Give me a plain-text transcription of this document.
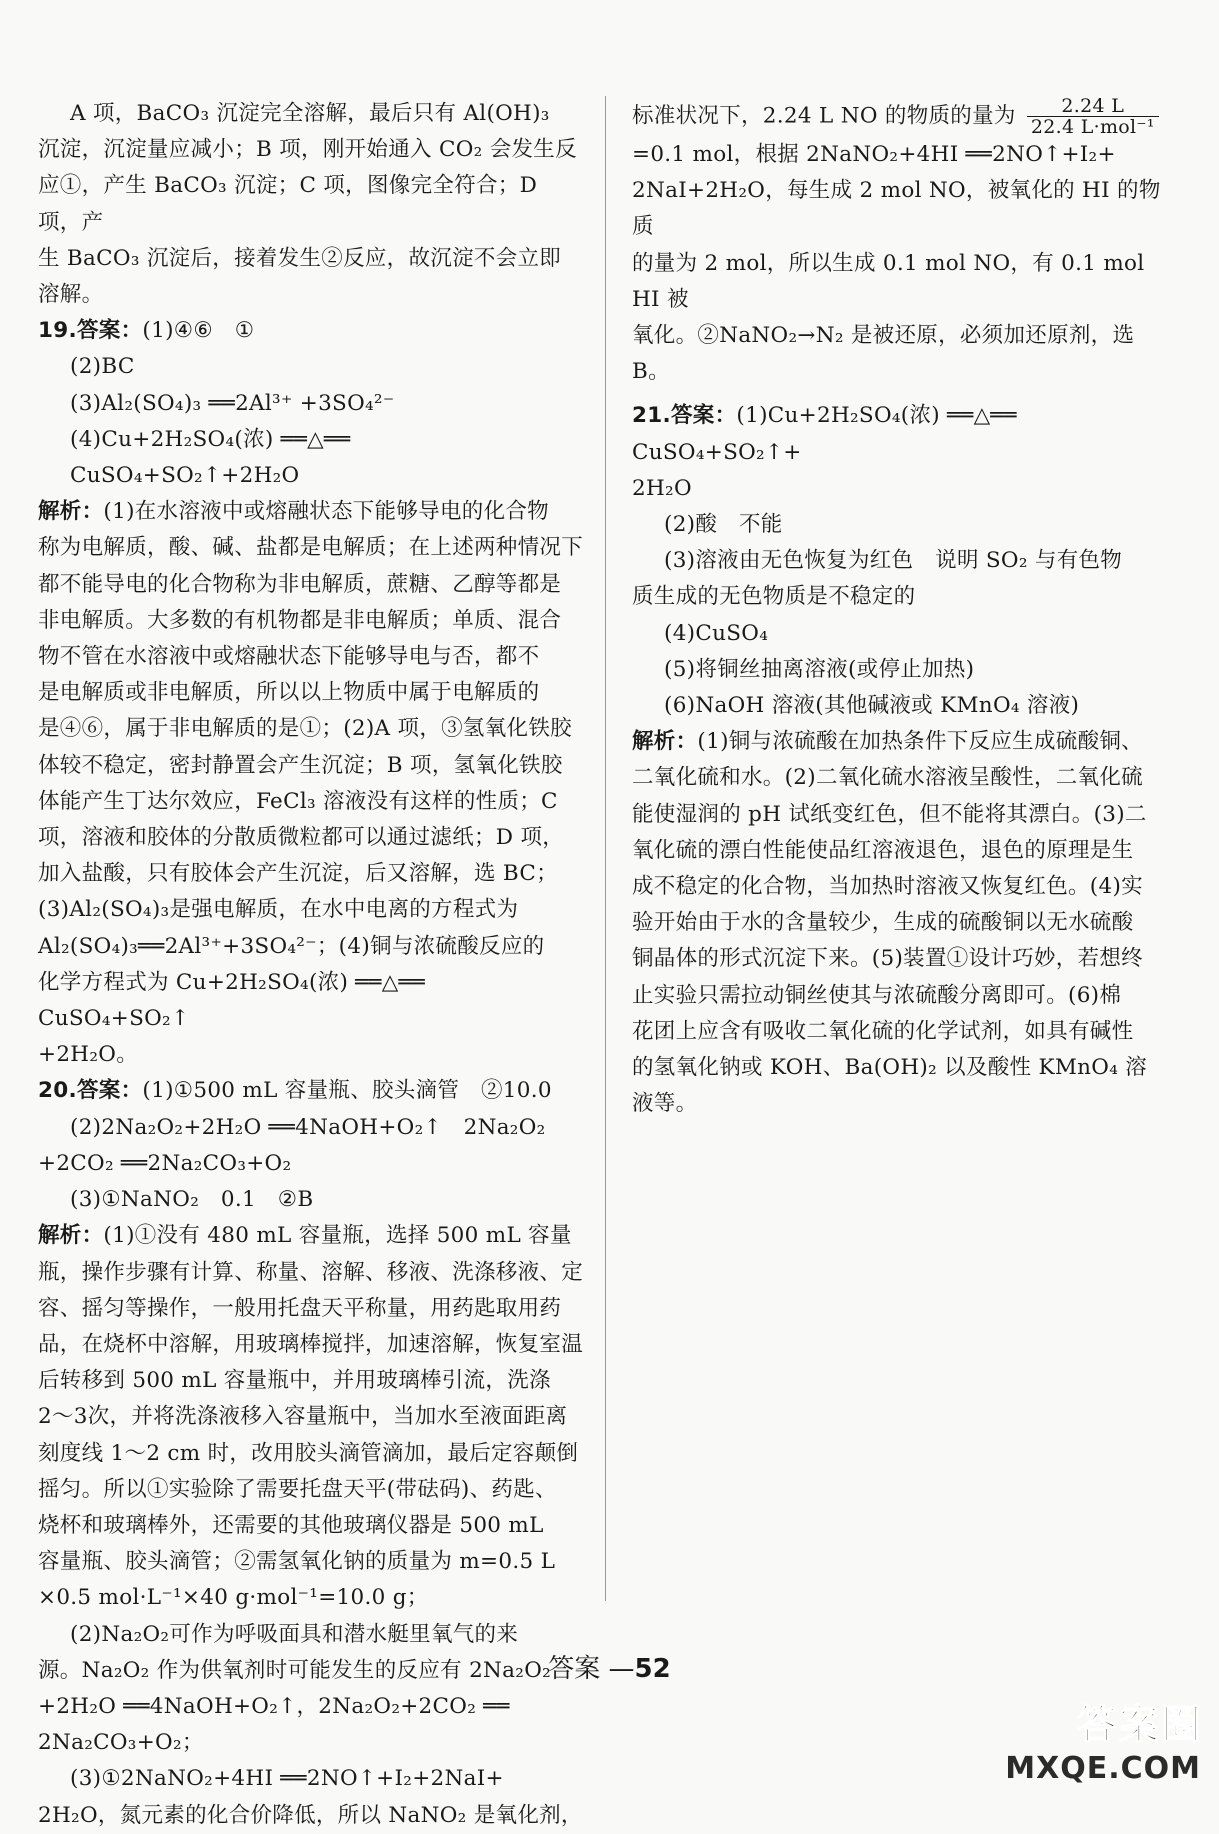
A 项，BaCO₃ 沉淀完全溶解，最后只有 Al(OH)₃

沉淀，沉淀量应减小；B 项，刚开始通入 CO₂ 会发生反

应①，产生 BaCO₃ 沉淀；C 项，图像完全符合；D 项，产

生 BaCO₃ 沉淀后，接着发生②反应，故沉淀不会立即

溶解。

19.答案：(1)④⑥　①

(2)BC

(3)Al₂(SO₄)₃ ══2Al³⁺ +3SO₄²⁻

(4)Cu+2H₂SO₄(浓) ══△══ CuSO₄+SO₂↑+2H₂O

解析：(1)在水溶液中或熔融状态下能够导电的化合物

称为电解质，酸、碱、盐都是电解质；在上述两种情况下

都不能导电的化合物称为非电解质，蔗糖、乙醇等都是

非电解质。大多数的有机物都是非电解质；单质、混合

物不管在水溶液中或熔融状态下能够导电与否，都不

是电解质或非电解质，所以以上物质中属于电解质的

是④⑥，属于非电解质的是①；(2)A 项，③氢氧化铁胶

体较不稳定，密封静置会产生沉淀；B 项，氢氧化铁胶

体能产生丁达尔效应，FeCl₃ 溶液没有这样的性质；C

项，溶液和胶体的分散质微粒都可以通过滤纸；D 项，

加入盐酸，只有胶体会产生沉淀，后又溶解，选 BC；

(3)Al₂(SO₄)₃是强电解质，在水中电离的方程式为

Al₂(SO₄)₃══2Al³⁺+3SO₄²⁻；(4)铜与浓硫酸反应的

化学方程式为 Cu+2H₂SO₄(浓) ══△══ CuSO₄+SO₂↑

+2H₂O。

20.答案：(1)①500 mL 容量瓶、胶头滴管　②10.0

(2)2Na₂O₂+2H₂O ══4NaOH+O₂↑　2Na₂O₂

+2CO₂ ══2Na₂CO₃+O₂

(3)①NaNO₂　0.1　②B

解析：(1)①没有 480 mL 容量瓶，选择 500 mL 容量

瓶，操作步骤有计算、称量、溶解、移液、洗涤移液、定

容、摇匀等操作，一般用托盘天平称量，用药匙取用药

品，在烧杯中溶解，用玻璃棒搅拌，加速溶解，恢复室温

后转移到 500 mL 容量瓶中，并用玻璃棒引流，洗涤

2～3次，并将洗涤液移入容量瓶中，当加水至液面距离

刻度线 1～2 cm 时，改用胶头滴管滴加，最后定容颠倒

摇匀。所以①实验除了需要托盘天平(带砝码)、药匙、

烧杯和玻璃棒外，还需要的其他玻璃仪器是 500 mL

容量瓶、胶头滴管；②需氢氧化钠的质量为 m=0.5 L

×0.5 mol·L⁻¹×40 g·mol⁻¹=10.0 g；

(2)Na₂O₂可作为呼吸面具和潜水艇里氧气的来

源。Na₂O₂ 作为供氧剂时可能发生的反应有 2Na₂O₂

+2H₂O ══4NaOH+O₂↑，2Na₂O₂+2CO₂ ══

2Na₂CO₃+O₂；

(3)①2NaNO₂+4HI ══2NO↑+I₂+2NaI+

2H₂O，氮元素的化合价降低，所以 NaNO₂ 是氧化剂，

标准状况下，2.24 L NO 的物质的量为	2.24 L
22.4 L·mol⁻¹

=0.1 mol，根据 2NaNO₂+4HI ══2NO↑+I₂+

2NaI+2H₂O，每生成 2 mol NO，被氧化的 HI 的物质

的量为 2 mol，所以生成 0.1 mol NO，有 0.1 mol HI 被

氧化。②NaNO₂→N₂ 是被还原，必须加还原剂，选 B。

21.答案：(1)Cu+2H₂SO₄(浓) ══△══ CuSO₄+SO₂↑+

2H₂O

(2)酸　不能

(3)溶液由无色恢复为红色　说明 SO₂ 与有色物

质生成的无色物质是不稳定的

(4)CuSO₄

(5)将铜丝抽离溶液(或停止加热)

(6)NaOH 溶液(其他碱液或 KMnO₄ 溶液)

解析：(1)铜与浓硫酸在加热条件下反应生成硫酸铜、

二氧化硫和水。(2)二氧化硫水溶液呈酸性，二氧化硫

能使湿润的 pH 试纸变红色，但不能将其漂白。(3)二

氧化硫的漂白性能使品红溶液退色，退色的原理是生

成不稳定的化合物，当加热时溶液又恢复红色。(4)实

验开始由于水的含量较少，生成的硫酸铜以无水硫酸

铜晶体的形式沉淀下来。(5)装置①设计巧妙，若想终

止实验只需拉动铜丝使其与浓硫酸分离即可。(6)棉

花团上应含有吸收二氧化硫的化学试剂，如具有碱性

的氢氧化钠或 KOH、Ba(OH)₂ 以及酸性 KMnO₄ 溶

液等。

答案 —52
答案圈
MXQE.COM
